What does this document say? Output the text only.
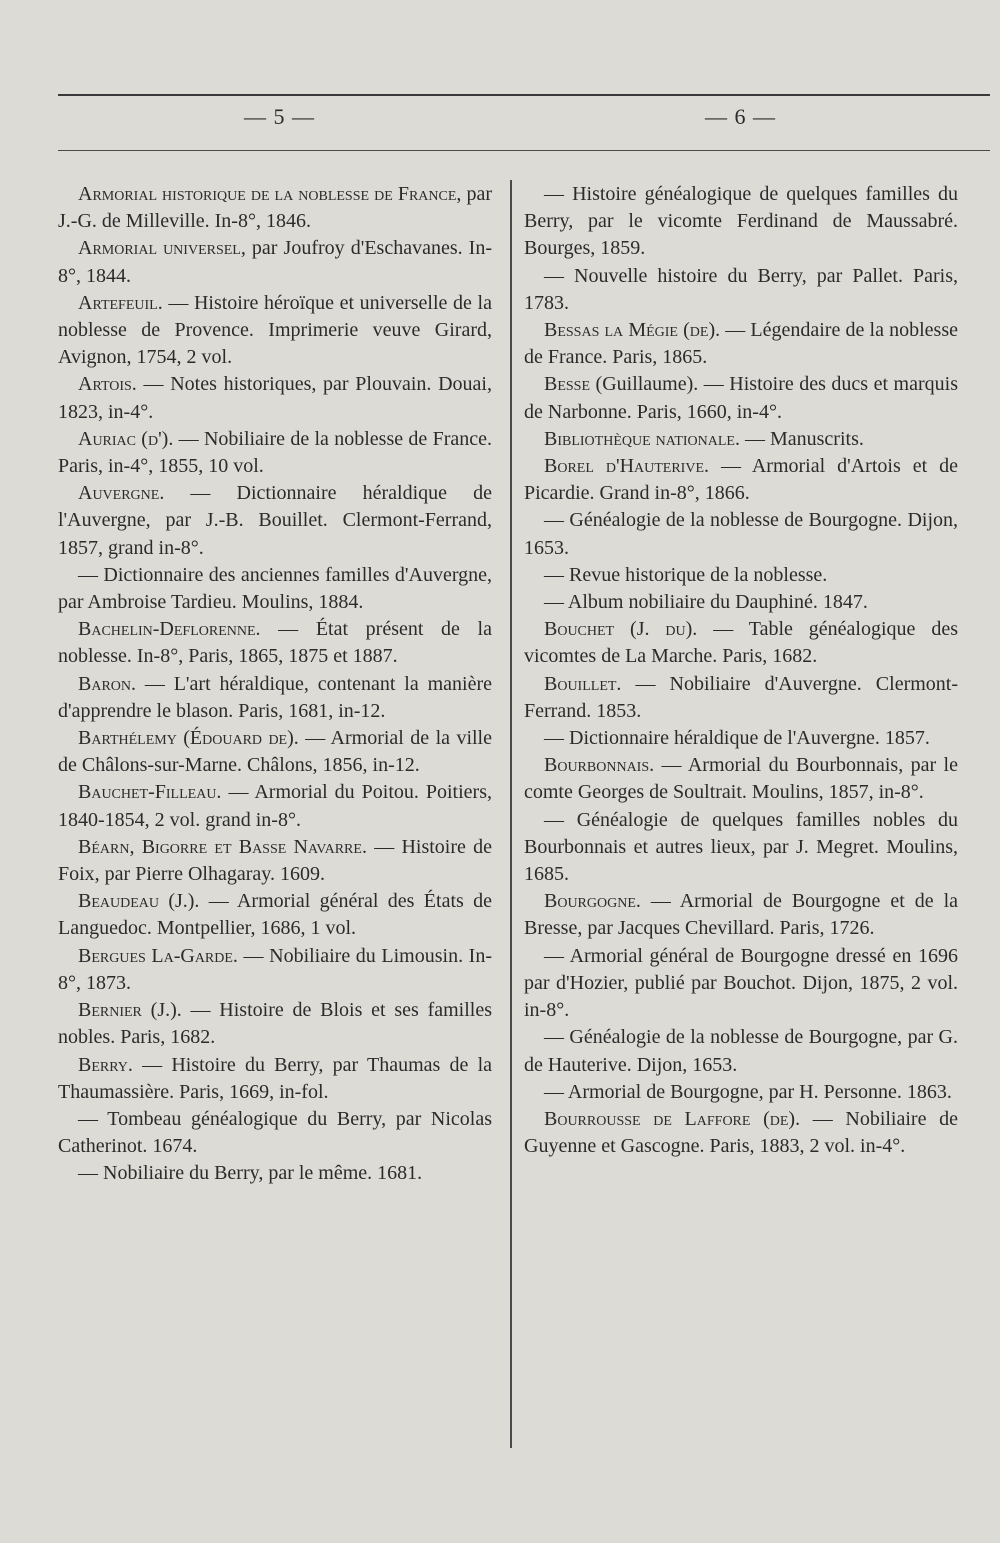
— 5 —	— 6 —

Armorial historique de la noblesse de France, par J.-G. de Milleville. In-8°, 1846.

Armorial universel, par Joufroy d'Eschavanes. In-8°, 1844.

Artefeuil. — Histoire héroïque et universelle de la noblesse de Provence. Imprimerie veuve Girard, Avignon, 1754, 2 vol.

Artois. — Notes historiques, par Plouvain. Douai, 1823, in-4°.

Auriac (d'). — Nobiliaire de la noblesse de France. Paris, in-4°, 1855, 10 vol.

Auvergne. — Dictionnaire héraldique de l'Auvergne, par J.-B. Bouillet. Clermont-Ferrand, 1857, grand in-8°.

— Dictionnaire des anciennes familles d'Auvergne, par Ambroise Tardieu. Moulins, 1884.

Bachelin-Deflorenne. — État présent de la noblesse. In-8°, Paris, 1865, 1875 et 1887.

Baron. — L'art héraldique, contenant la manière d'apprendre le blason. Paris, 1681, in-12.

Barthélemy (Édouard de). — Armorial de la ville de Châlons-sur-Marne. Châlons, 1856, in-12.

Bauchet-Filleau. — Armorial du Poitou. Poitiers, 1840-1854, 2 vol. grand in-8°.

Béarn, Bigorre et Basse Navarre. — Histoire de Foix, par Pierre Olhagaray. 1609.

Beaudeau (J.). — Armorial général des États de Languedoc. Montpellier, 1686, 1 vol.

Bergues La-Garde. — Nobiliaire du Limousin. In-8°, 1873.

Bernier (J.). — Histoire de Blois et ses familles nobles. Paris, 1682.

Berry. — Histoire du Berry, par Thaumas de la Thaumassière. Paris, 1669, in-fol.

— Tombeau généalogique du Berry, par Nicolas Catherinot. 1674.

— Nobiliaire du Berry, par le même. 1681.

— Histoire généalogique de quelques familles du Berry, par le vicomte Ferdinand de Maussabré. Bourges, 1859.

— Nouvelle histoire du Berry, par Pallet. Paris, 1783.

Bessas la Mégie (de). — Légendaire de la noblesse de France. Paris, 1865.

Besse (Guillaume). — Histoire des ducs et marquis de Narbonne. Paris, 1660, in-4°.

Bibliothèque nationale. — Manuscrits.

Borel d'Hauterive. — Armorial d'Artois et de Picardie. Grand in-8°, 1866.

— Généalogie de la noblesse de Bourgogne. Dijon, 1653.

— Revue historique de la noblesse.

— Album nobiliaire du Dauphiné. 1847.

Bouchet (J. du). — Table généalogique des vicomtes de La Marche. Paris, 1682.

Bouillet. — Nobiliaire d'Auvergne. Clermont-Ferrand. 1853.

— Dictionnaire héraldique de l'Auvergne. 1857.

Bourbonnais. — Armorial du Bourbonnais, par le comte Georges de Soultrait. Moulins, 1857, in-8°.

— Généalogie de quelques familles nobles du Bourbonnais et autres lieux, par J. Megret. Moulins, 1685.

Bourgogne. — Armorial de Bourgogne et de la Bresse, par Jacques Chevillard. Paris, 1726.

— Armorial général de Bourgogne dressé en 1696 par d'Hozier, publié par Bouchot. Dijon, 1875, 2 vol. in-8°.

— Généalogie de la noblesse de Bourgogne, par G. de Hauterive. Dijon, 1653.

— Armorial de Bourgogne, par H. Personne. 1863.

Bourrousse de Laffore (de). — Nobiliaire de Guyenne et Gascogne. Paris, 1883, 2 vol. in-4°.
